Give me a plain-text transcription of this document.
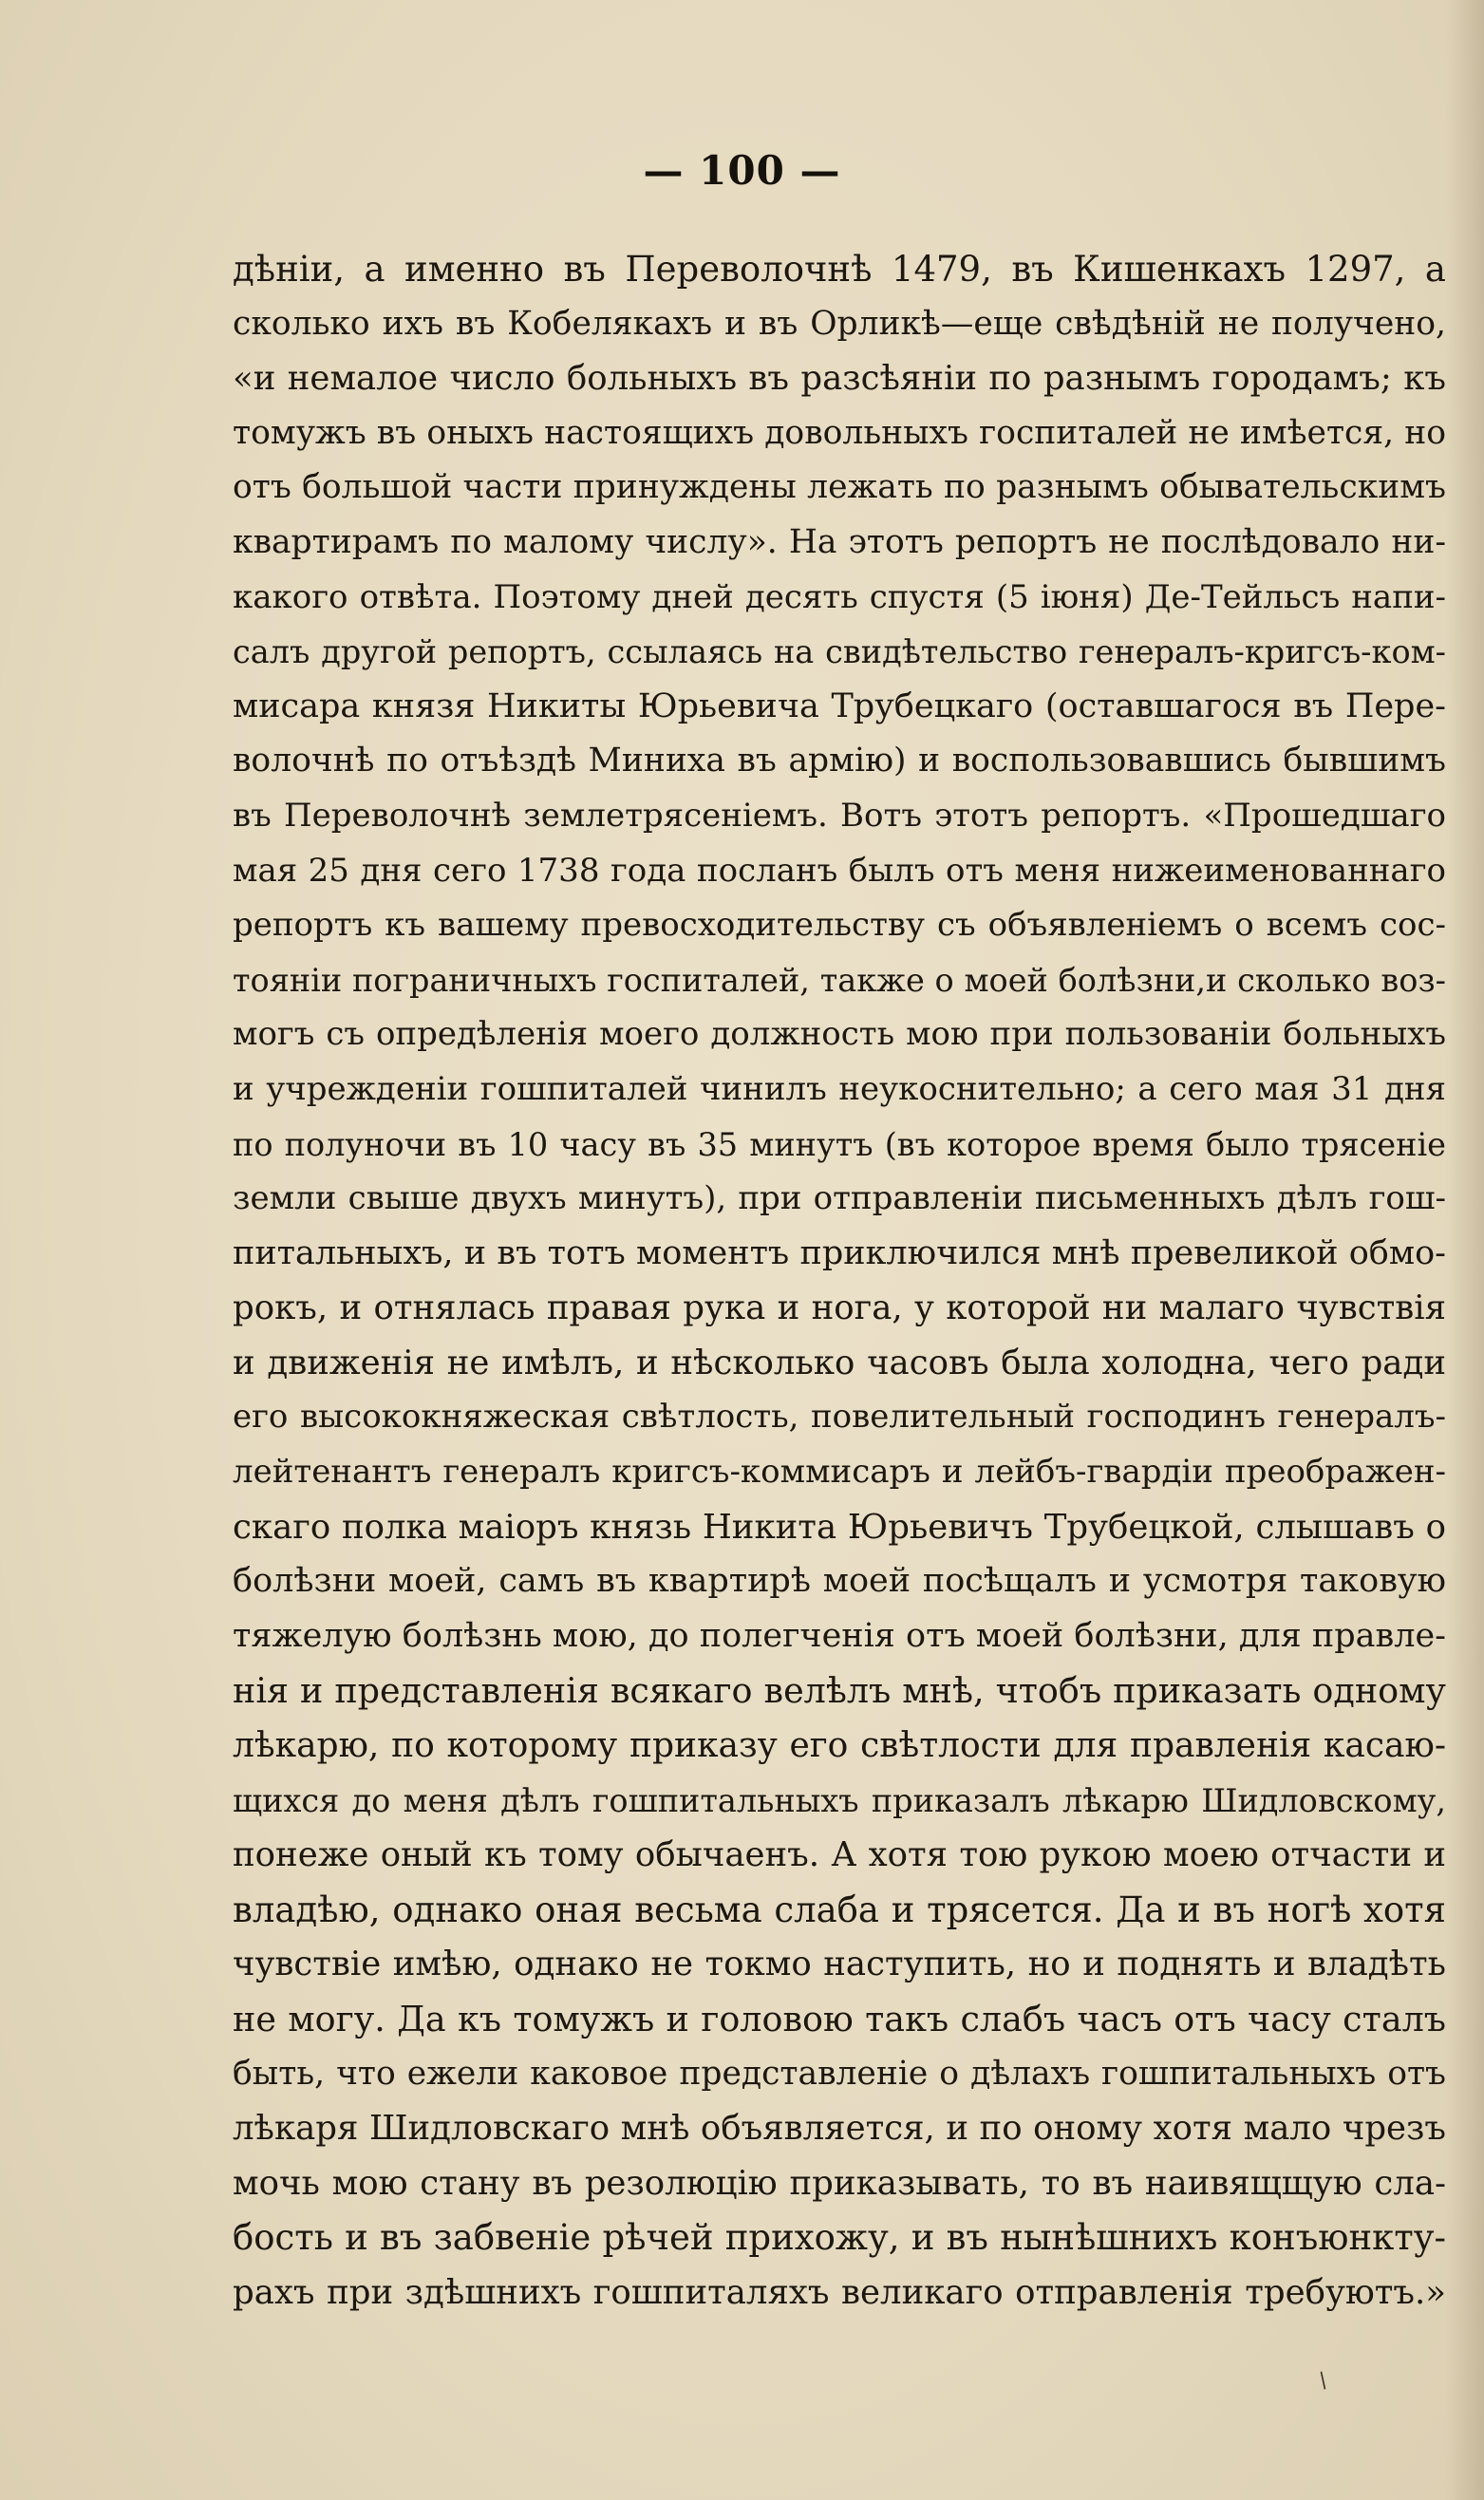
— 100 —
дѣніи, а именно въ Переволочнѣ 1479, въ Кишенкахъ 1297, а
сколько ихъ въ Кобелякахъ и въ Орликѣ—еще свѣдѣній не получено,
«и немалое число больныхъ въ разсѣяніи по разнымъ городамъ; къ
томужъ въ оныхъ настоящихъ довольныхъ госпиталей не имѣется, но
отъ большой части принуждены лежать по разнымъ обывательскимъ
квартирамъ по малому числу». На этотъ репортъ не послѣдовало ни-
какого отвѣта. Поэтому дней десять спустя (5 іюня) Де-Тейльсъ напи-
салъ другой репортъ, ссылаясь на свидѣтельство генералъ-кригсъ-ком-
мисара князя Никиты Юрьевича Трубецкаго (оставшагося въ Пере-
волочнѣ по отъѣздѣ Миниха въ армію) и воспользовавшись бывшимъ
въ Переволочнѣ землетрясеніемъ. Вотъ этотъ репортъ. «Прошедшаго
мая 25 дня сего 1738 года посланъ былъ отъ меня нижеименованнаго
репортъ къ вашему превосходительству съ объявленіемъ о всемъ сос-
тояніи пограничныхъ госпиталей, также о моей болѣзни,и сколько воз-
могъ съ опредѣленія моего должность мою при пользованіи больныхъ
и учрежденіи гошпиталей чинилъ неукоснительно; а сего мая 31 дня
по полуночи въ 10 часу въ 35 минутъ (въ которое время было трясеніе
земли свыше двухъ минутъ), при отправленіи письменныхъ дѣлъ гош-
питальныхъ, и въ тотъ моментъ приключился мнѣ превеликой обмо-
рокъ, и отнялась правая рука и нога, у которой ни малаго чувствія
и движенія не имѣлъ, и нѣсколько часовъ была холодна, чего ради
его высококняжеская свѣтлость, повелительный господинъ генералъ-
лейтенантъ генералъ кригсъ-коммисаръ и лейбъ-гвардіи преображен-
скаго полка маіоръ князь Никита Юрьевичъ Трубецкой, слышавъ о
болѣзни моей, самъ въ квартирѣ моей посѣщалъ и усмотря таковую
тяжелую болѣзнь мою, до полегченія отъ моей болѣзни, для правле-
нія и представленія всякаго велѣлъ мнѣ, чтобъ приказать одному
лѣкарю, по которому приказу его свѣтлости для правленія касаю-
щихся до меня дѣлъ гошпитальныхъ приказалъ лѣкарю Шидловскому,
понеже оный къ тому обычаенъ. А хотя тою рукою моею отчасти и
владѣю, однако оная весьма слаба и трясется. Да и въ ногѣ хотя
чувствіе имѣю, однако не токмо наступить, но и поднять и владѣть
не могу. Да къ томужъ и головою такъ слабъ часъ отъ часу сталъ
быть, что ежели каковое представленіе о дѣлахъ гошпитальныхъ отъ
лѣкаря Шидловскаго мнѣ объявляется, и по оному хотя мало чрезъ
мочь мою стану въ резолюцію приказывать, то въ наивящщую сла-
бость и въ забвеніе рѣчей прихожу, и въ нынѣшнихъ конъюнкту-
рахъ при здѣшнихъ гошпиталяхъ великаго отправленія требуютъ.»
/
